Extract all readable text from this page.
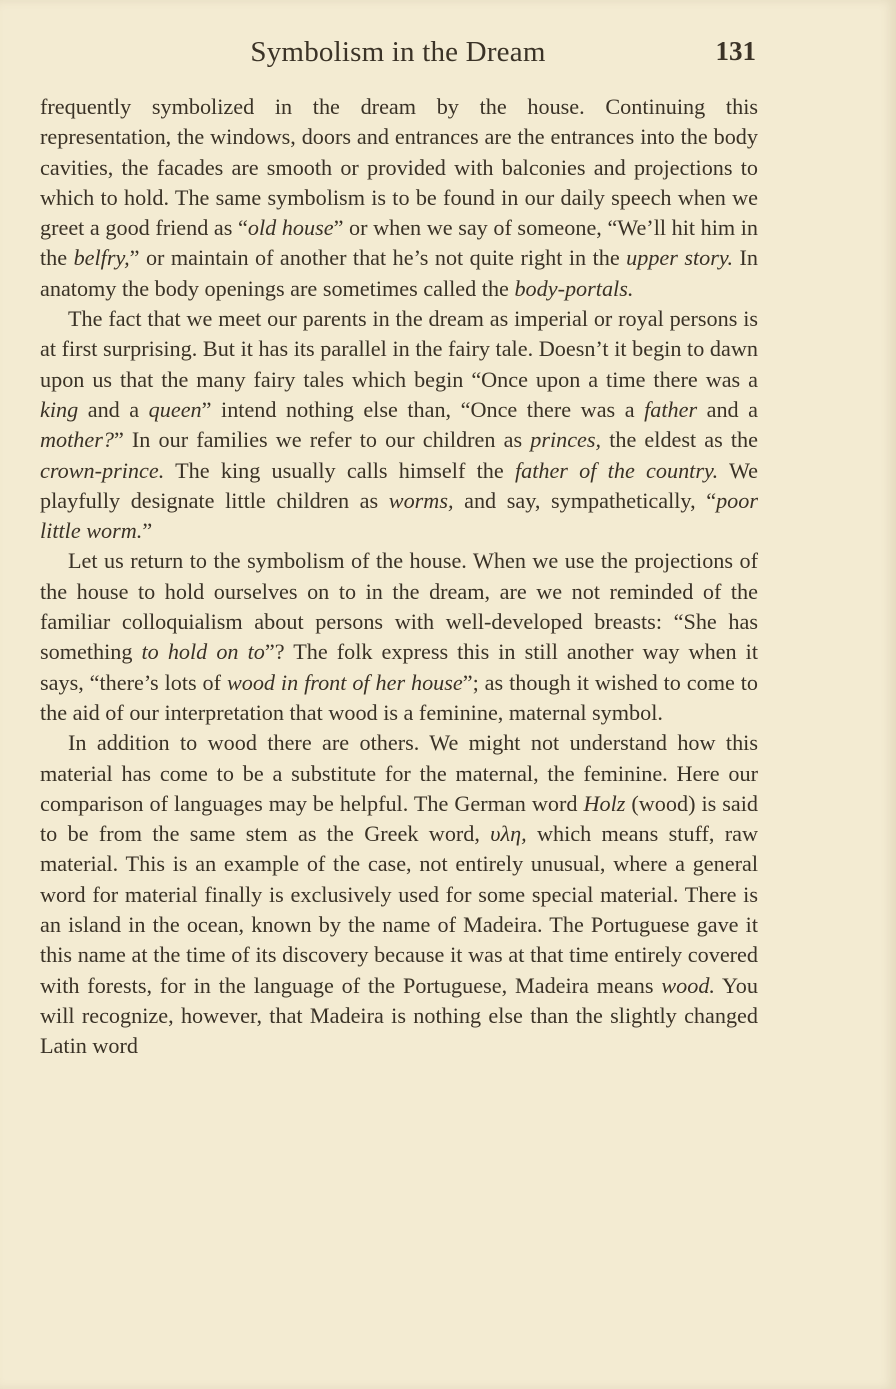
Symbolism in the Dream	131

frequently symbolized in the dream by the house. Continuing this representation, the windows, doors and entrances are the entrances into the body cavities, the facades are smooth or provided with balconies and projections to which to hold. The same symbolism is to be found in our daily speech when we greet a good friend as “old house” or when we say of someone, “We’ll hit him in the belfry,” or maintain of another that he’s not quite right in the upper story. In anatomy the body openings are sometimes called the body-portals.

The fact that we meet our parents in the dream as imperial or royal persons is at first surprising. But it has its parallel in the fairy tale. Doesn’t it begin to dawn upon us that the many fairy tales which begin “Once upon a time there was a king and a queen” intend nothing else than, “Once there was a father and a mother?” In our families we refer to our children as princes, the eldest as the crown-prince. The king usually calls himself the father of the country. We playfully designate little children as worms, and say, sympathetically, “poor little worm.”

Let us return to the symbolism of the house. When we use the projections of the house to hold ourselves on to in the dream, are we not reminded of the familiar colloquialism about persons with well-developed breasts: “She has something to hold on to”? The folk express this in still another way when it says, “there’s lots of wood in front of her house”; as though it wished to come to the aid of our interpretation that wood is a feminine, maternal symbol.

In addition to wood there are others. We might not understand how this material has come to be a substitute for the maternal, the feminine. Here our comparison of languages may be helpful. The German word Holz (wood) is said to be from the same stem as the Greek word, υλη, which means stuff, raw material. This is an example of the case, not entirely unusual, where a general word for material finally is exclusively used for some special material. There is an island in the ocean, known by the name of Madeira. The Portuguese gave it this name at the time of its discovery because it was at that time entirely covered with forests, for in the language of the Portuguese, Madeira means wood. You will recognize, however, that Madeira is nothing else than the slightly changed Latin word
